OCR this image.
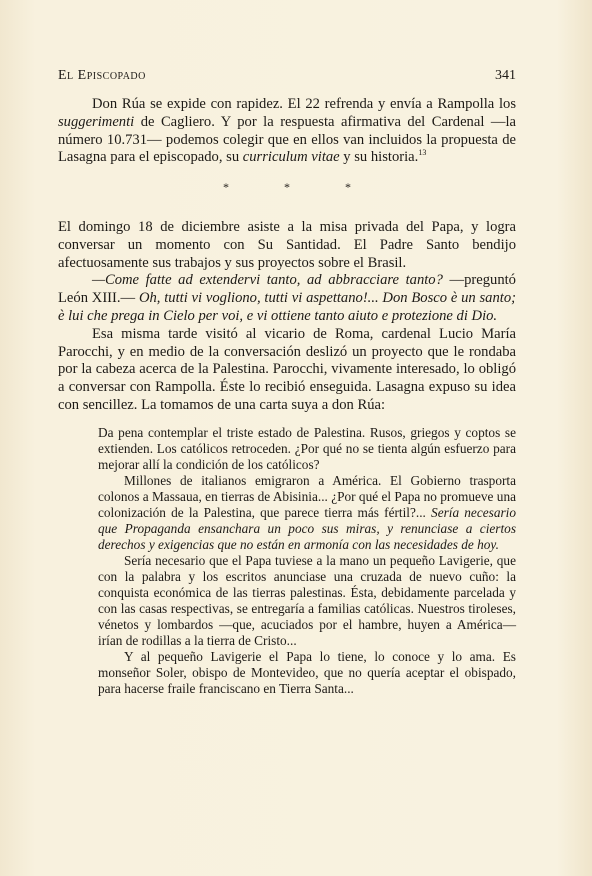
El Episcopado	341

Don Rúa se expide con rapidez. El 22 refrenda y envía a Rampolla los suggerimenti de Cagliero. Y por la respuesta afirmativa del Cardenal —la número 10.731— podemos colegir que en ellos van incluidos la propuesta de Lasagna para el episcopado, su curriculum vitae y su historia.$^{13}$

* * *

El domingo 18 de diciembre asiste a la misa privada del Papa, y logra conversar un momento con Su Santidad. El Padre Santo bendijo afectuosamente sus trabajos y sus proyectos sobre el Brasil.

—Come fatte ad extendervi tanto, ad abbracciare tanto? —preguntó León XIII.— Oh, tutti vi vogliono, tutti vi aspettano!... Don Bosco è un santo; è lui che prega in Cielo per voi, e vi ottiene tanto aiuto e protezione di Dio.

Esa misma tarde visitó al vicario de Roma, cardenal Lucio María Parocchi, y en medio de la conversación deslizó un proyecto que le rondaba por la cabeza acerca de la Palestina. Parocchi, vivamente interesado, lo obligó a conversar con Rampolla. Éste lo recibió enseguida. Lasagna expuso su idea con sencillez. La tomamos de una carta suya a don Rúa:

Da pena contemplar el triste estado de Palestina. Rusos, griegos y coptos se extienden. Los católicos retroceden. ¿Por qué no se tienta algún esfuerzo para mejorar allí la condición de los católicos?

Millones de italianos emigraron a América. El Gobierno trasporta colonos a Massaua, en tierras de Abisinia... ¿Por qué el Papa no promueve una colonización de la Palestina, que parece tierra más fértil?... Sería necesario que Propaganda ensanchara un poco sus miras, y renunciase a ciertos derechos y exigencias que no están en armonía con las necesidades de hoy.

Sería necesario que el Papa tuviese a la mano un pequeño Lavigerie, que con la palabra y los escritos anunciase una cruzada de nuevo cuño: la conquista económica de las tierras palestinas. Ésta, debidamente parcelada y con las casas respectivas, se entregaría a familias católicas. Nuestros tiroleses, vénetos y lombardos —que, acuciados por el hambre, huyen a América— irían de rodillas a la tierra de Cristo...

Y al pequeño Lavigerie el Papa lo tiene, lo conoce y lo ama. Es monseñor Soler, obispo de Montevideo, que no quería aceptar el obispado, para hacerse fraile franciscano en Tierra Santa...
